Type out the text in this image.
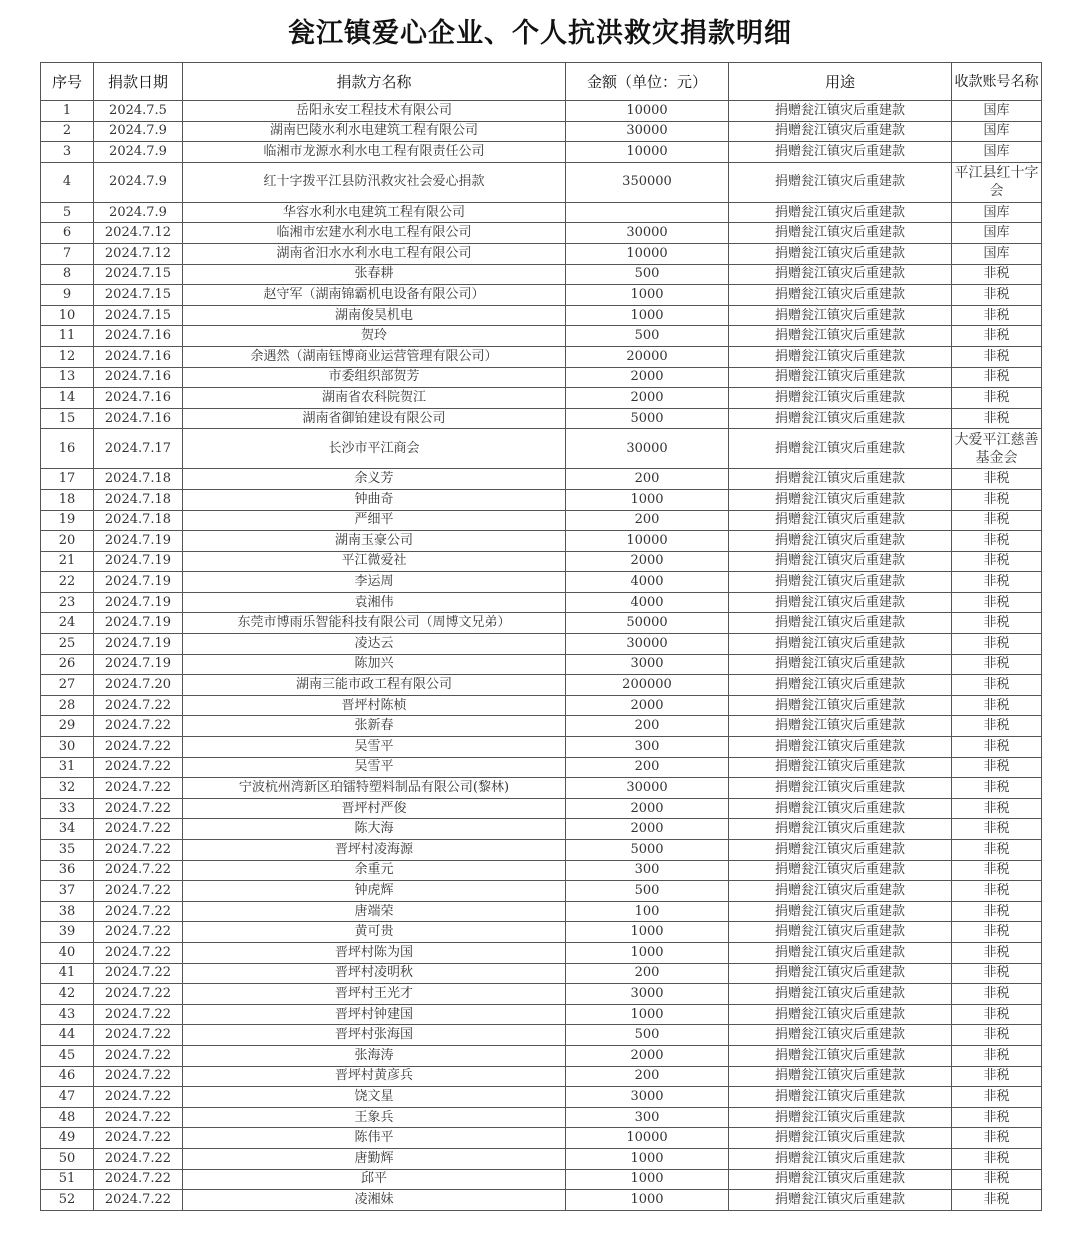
瓮江镇爱心企业、个人抗洪救灾捐款明细
序号	捐款日期	捐款方名称	金额（单位：元）	用途	收款账号名称
1	2024.7.5	岳阳永安工程技术有限公司	10000	捐赠瓮江镇灾后重建款	国库
2	2024.7.9	湖南巴陵水利水电建筑工程有限公司	30000	捐赠瓮江镇灾后重建款	国库
3	2024.7.9	临湘市龙源水利水电工程有限责任公司	10000	捐赠瓮江镇灾后重建款	国库
4	2024.7.9	红十字拨平江县防汛救灾社会爱心捐款	350000	捐赠瓮江镇灾后重建款	平江县红十字会
5	2024.7.9	华容水利水电建筑工程有限公司		捐赠瓮江镇灾后重建款	国库
6	2024.7.12	临湘市宏建水利水电工程有限公司	30000	捐赠瓮江镇灾后重建款	国库
7	2024.7.12	湖南省汨水水利水电工程有限公司	10000	捐赠瓮江镇灾后重建款	国库
8	2024.7.15	张春耕	500	捐赠瓮江镇灾后重建款	非税
9	2024.7.15	赵守军（湖南锦霸机电设备有限公司）	1000	捐赠瓮江镇灾后重建款	非税
10	2024.7.15	湖南俊昊机电	1000	捐赠瓮江镇灾后重建款	非税
11	2024.7.16	贺玲	500	捐赠瓮江镇灾后重建款	非税
12	2024.7.16	余遇然（湖南钰博商业运营管理有限公司）	20000	捐赠瓮江镇灾后重建款	非税
13	2024.7.16	市委组织部贺芳	2000	捐赠瓮江镇灾后重建款	非税
14	2024.7.16	湖南省农科院贺江	2000	捐赠瓮江镇灾后重建款	非税
15	2024.7.16	湖南省御铂建设有限公司	5000	捐赠瓮江镇灾后重建款	非税
16	2024.7.17	长沙市平江商会	30000	捐赠瓮江镇灾后重建款	大爱平江慈善基金会
17	2024.7.18	余义芳	200	捐赠瓮江镇灾后重建款	非税
18	2024.7.18	钟曲奇	1000	捐赠瓮江镇灾后重建款	非税
19	2024.7.18	严细平	200	捐赠瓮江镇灾后重建款	非税
20	2024.7.19	湖南玉豪公司	10000	捐赠瓮江镇灾后重建款	非税
21	2024.7.19	平江微爱社	2000	捐赠瓮江镇灾后重建款	非税
22	2024.7.19	李运周	4000	捐赠瓮江镇灾后重建款	非税
23	2024.7.19	袁湘伟	4000	捐赠瓮江镇灾后重建款	非税
24	2024.7.19	东莞市博雨乐智能科技有限公司（周博文兄弟）	50000	捐赠瓮江镇灾后重建款	非税
25	2024.7.19	凌达云	30000	捐赠瓮江镇灾后重建款	非税
26	2024.7.19	陈加兴	3000	捐赠瓮江镇灾后重建款	非税
27	2024.7.20	湖南三能市政工程有限公司	200000	捐赠瓮江镇灾后重建款	非税
28	2024.7.22	晋坪村陈桢	2000	捐赠瓮江镇灾后重建款	非税
29	2024.7.22	张新春	200	捐赠瓮江镇灾后重建款	非税
30	2024.7.22	吴雪平	300	捐赠瓮江镇灾后重建款	非税
31	2024.7.22	吴雪平	200	捐赠瓮江镇灾后重建款	非税
32	2024.7.22	宁波杭州湾新区珀镭特塑料制品有限公司(黎林)	30000	捐赠瓮江镇灾后重建款	非税
33	2024.7.22	晋坪村严俊	2000	捐赠瓮江镇灾后重建款	非税
34	2024.7.22	陈大海	2000	捐赠瓮江镇灾后重建款	非税
35	2024.7.22	晋坪村凌海源	5000	捐赠瓮江镇灾后重建款	非税
36	2024.7.22	余重元	300	捐赠瓮江镇灾后重建款	非税
37	2024.7.22	钟虎辉	500	捐赠瓮江镇灾后重建款	非税
38	2024.7.22	唐端荣	100	捐赠瓮江镇灾后重建款	非税
39	2024.7.22	黄可贵	1000	捐赠瓮江镇灾后重建款	非税
40	2024.7.22	晋坪村陈为国	1000	捐赠瓮江镇灾后重建款	非税
41	2024.7.22	晋坪村凌明秋	200	捐赠瓮江镇灾后重建款	非税
42	2024.7.22	晋坪村王光才	3000	捐赠瓮江镇灾后重建款	非税
43	2024.7.22	晋坪村钟建国	1000	捐赠瓮江镇灾后重建款	非税
44	2024.7.22	晋坪村张海国	500	捐赠瓮江镇灾后重建款	非税
45	2024.7.22	张海涛	2000	捐赠瓮江镇灾后重建款	非税
46	2024.7.22	晋坪村黄彦兵	200	捐赠瓮江镇灾后重建款	非税
47	2024.7.22	饶文星	3000	捐赠瓮江镇灾后重建款	非税
48	2024.7.22	王象兵	300	捐赠瓮江镇灾后重建款	非税
49	2024.7.22	陈伟平	10000	捐赠瓮江镇灾后重建款	非税
50	2024.7.22	唐勤辉	1000	捐赠瓮江镇灾后重建款	非税
51	2024.7.22	邱平	1000	捐赠瓮江镇灾后重建款	非税
52	2024.7.22	凌湘妹	1000	捐赠瓮江镇灾后重建款	非税
